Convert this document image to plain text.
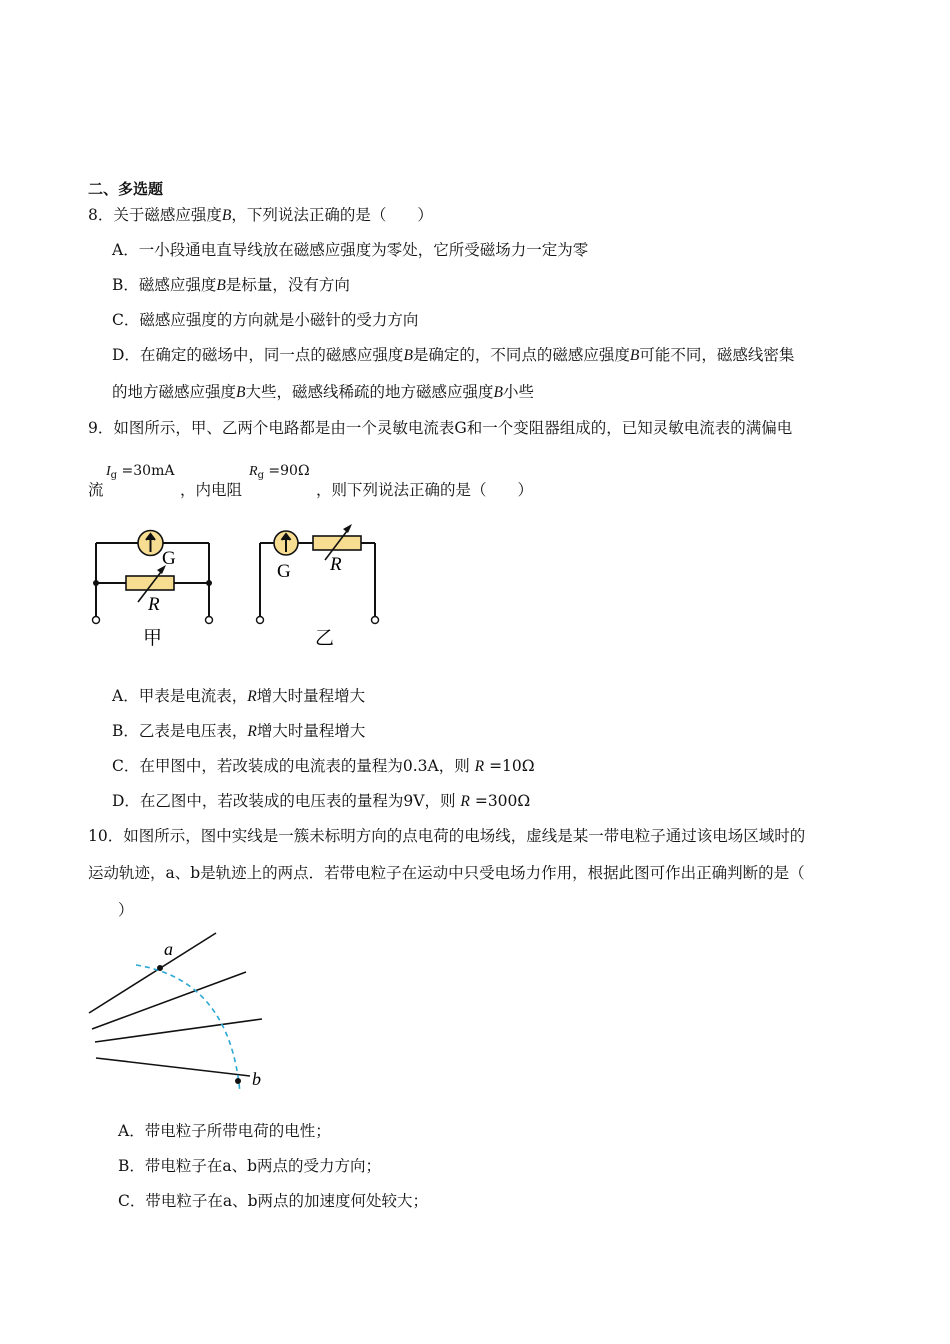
二、多选题
8．关于磁感应强度B，下列说法正确的是（　　）
A．一小段通电直导线放在磁感应强度为零处，它所受磁场力一定为零
B．磁感应强度B是标量，没有方向
C．磁感应强度的方向就是小磁针的受力方向
D．在确定的磁场中，同一点的磁感应强度B是确定的，不同点的磁感应强度B可能不同，磁感线密集
的地方磁感应强度B大些，磁感线稀疏的地方磁感应强度B小些
9．如图所示，甲、乙两个电路都是由一个灵敏电流表G和一个变阻器组成的，已知灵敏电流表的满偏电
流
$I_g =30mA$
，内电阻
$R_g =90\Omega$
，则下列说法正确的是（　　）
G
R
甲
G R
乙
A．甲表是电流表，R增大时量程增大
B．乙表是电压表，R增大时量程增大
C．在甲图中，若改装成的电流表的量程为0.3A，则 R =10Ω
D．在乙图中，若改装成的电压表的量程为9V，则 R =300Ω
10．如图所示，图中实线是一簇未标明方向的点电荷的电场线，虚线是某一带电粒子通过该电场区域时的
运动轨迹，a、b是轨迹上的两点．若带电粒子在运动中只受电场力作用，根据此图可作出正确判断的是（
）
a
b
A．带电粒子所带电荷的电性；
B．带电粒子在a、b两点的受力方向；
C．带电粒子在a、b两点的加速度何处较大；
